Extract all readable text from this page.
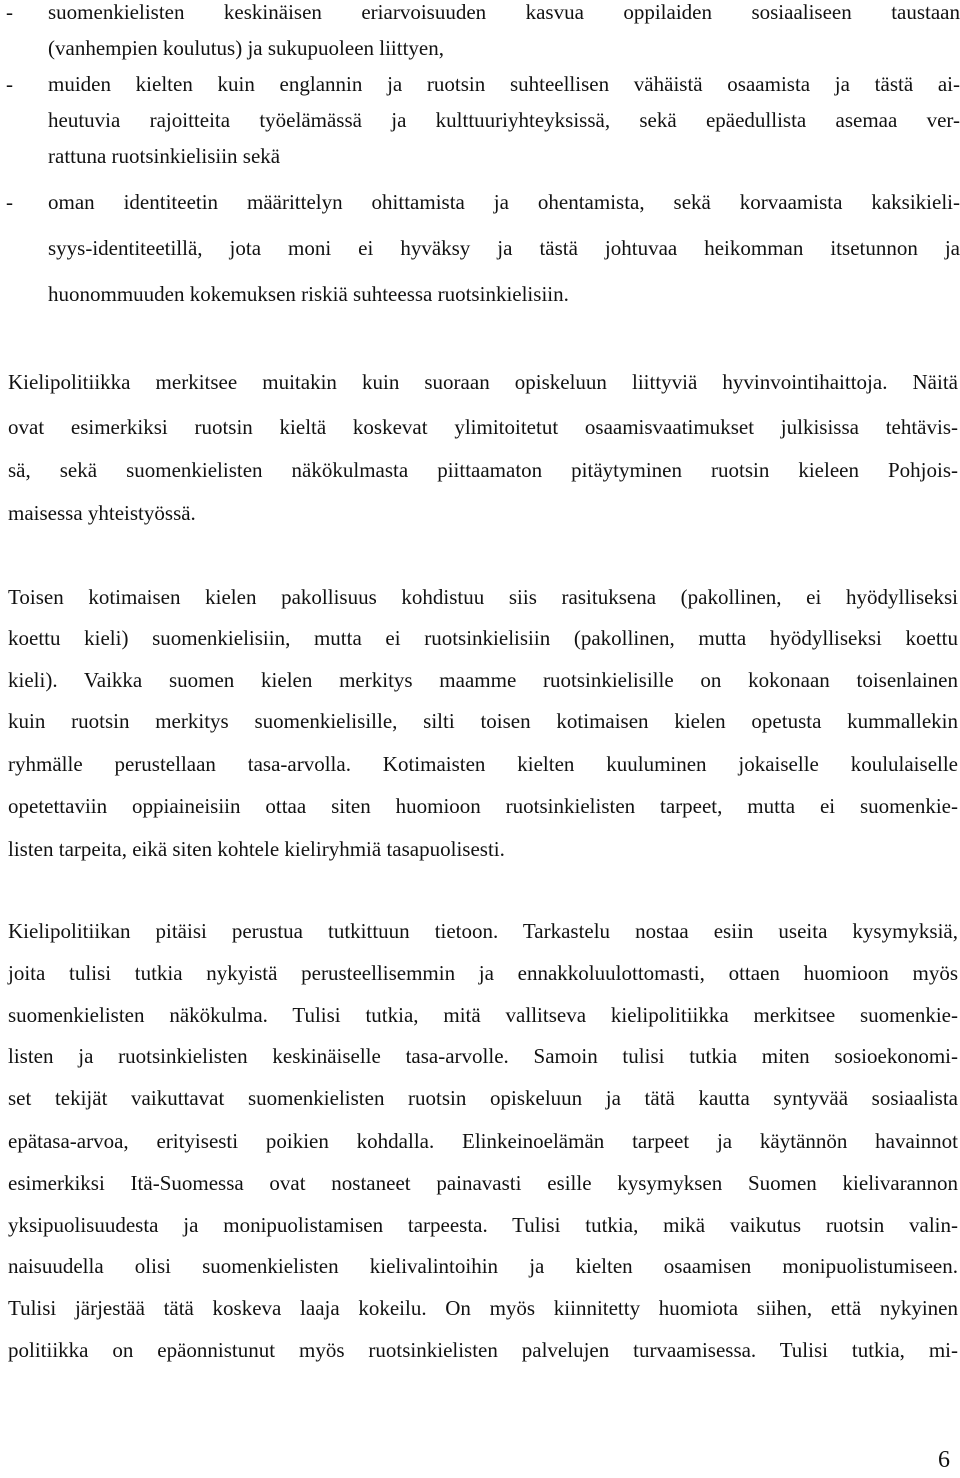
- suomenkielisten keskinäisen eriarvoisuuden kasvua oppilaiden sosiaaliseen taustaan
(vanhempien koulutus) ja sukupuoleen liittyen,
- muiden kielten kuin englannin ja ruotsin suhteellisen vähäistä osaamista ja tästä ai-
heutuvia rajoitteita työelämässä ja kulttuuriyhteyksissä, sekä epäedullista asemaa ver-
rattuna ruotsinkielisiin sekä
- oman identiteetin määrittelyn ohittamista ja ohentamista, sekä korvaamista kaksikieli-
syys-identiteetillä, jota moni ei hyväksy ja tästä johtuvaa heikomman itsetunnon ja
huonommuuden kokemuksen riskiä suhteessa ruotsinkielisiin.
Kielipolitiikka merkitsee muitakin kuin suoraan opiskeluun liittyviä hyvinvointihaittoja. Näitä
ovat esimerkiksi ruotsin kieltä koskevat ylimitoitetut osaamisvaatimukset julkisissa tehtävis-
sä, sekä suomenkielisten näkökulmasta piittaamaton pitäytyminen ruotsin kieleen Pohjois-
maisessa yhteistyössä.
Toisen kotimaisen kielen pakollisuus kohdistuu siis rasituksena (pakollinen, ei hyödylliseksi
koettu kieli) suomenkielisiin, mutta ei ruotsinkielisiin (pakollinen, mutta hyödylliseksi koettu
kieli). Vaikka suomen kielen merkitys maamme ruotsinkielisille on kokonaan toisenlainen
kuin ruotsin merkitys suomenkielisille, silti toisen kotimaisen kielen opetusta kummallekin
ryhmälle perustellaan tasa-arvolla. Kotimaisten kielten kuuluminen jokaiselle koululaiselle
opetettaviin oppiaineisiin ottaa siten huomioon ruotsinkielisten tarpeet, mutta ei suomenkie-
listen tarpeita, eikä siten kohtele kieliryhmiä tasapuolisesti.
Kielipolitiikan pitäisi perustua tutkittuun tietoon. Tarkastelu nostaa esiin useita kysymyksiä,
joita tulisi tutkia nykyistä perusteellisemmin ja ennakkoluulottomasti, ottaen huomioon myös
suomenkielisten näkökulma. Tulisi tutkia, mitä vallitseva kielipolitiikka merkitsee suomenkie-
listen ja ruotsinkielisten keskinäiselle tasa-arvolle. Samoin tulisi tutkia miten sosioekonomi-
set tekijät vaikuttavat suomenkielisten ruotsin opiskeluun ja tätä kautta syntyvää sosiaalista
epätasa-arvoa, erityisesti poikien kohdalla. Elinkeinoelämän tarpeet ja käytännön havainnot
esimerkiksi Itä-Suomessa ovat nostaneet painavasti esille kysymyksen Suomen kielivarannon
yksipuolisuudesta ja monipuolistamisen tarpeesta. Tulisi tutkia, mikä vaikutus ruotsin valin-
naisuudella olisi suomenkielisten kielivalintoihin ja kielten osaamisen monipuolistumiseen.
Tulisi järjestää tätä koskeva laaja kokeilu. On myös kiinnitetty huomiota siihen, että nykyinen
politiikka on epäonnistunut myös ruotsinkielisten palvelujen turvaamisessa. Tulisi tutkia, mi-
6
